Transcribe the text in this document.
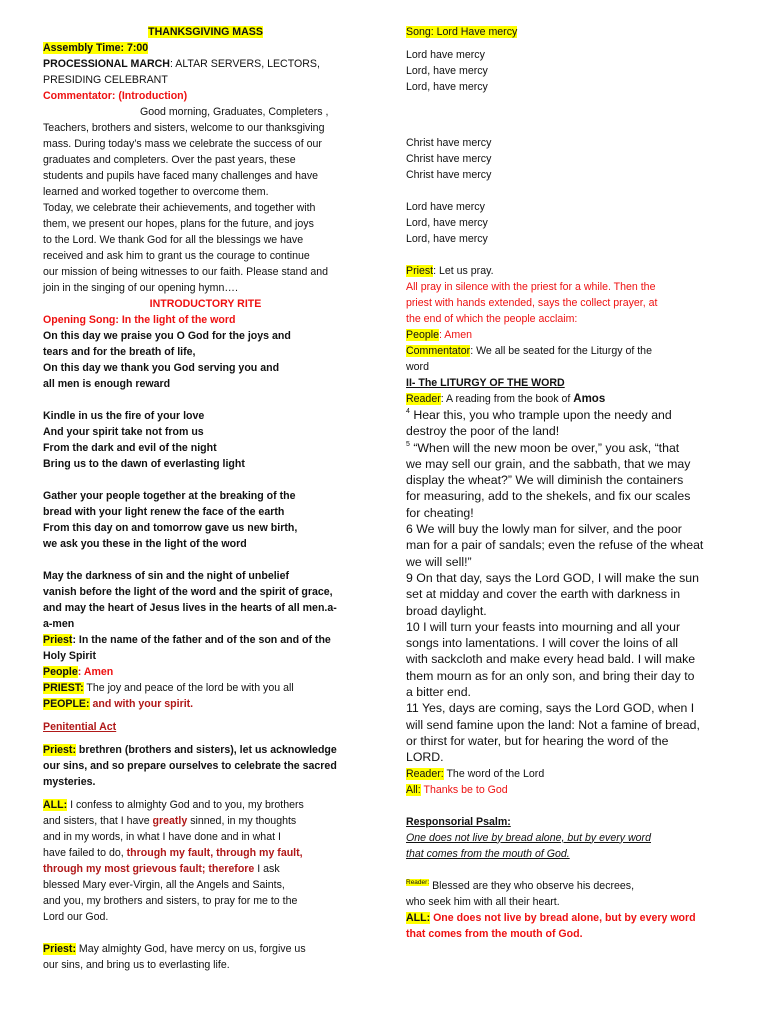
THANKSGIVING MASS
Assembly Time: 7:00
PROCESSIONAL MARCH: ALTAR SERVERS, LECTORS,
PRESIDING CELEBRANT
Commentator: (Introduction)
Good morning, Graduates, Completers ,
Teachers, brothers and sisters, welcome to our thanksgiving
mass. During today’s mass we celebrate the success of our
graduates and completers. Over the past years, these
students and pupils have faced many challenges and have
learned and worked together to overcome them.
Today, we celebrate their achievements, and together with
them, we present our hopes, plans for the future, and joys
to the Lord. We thank God for all the blessings we have
received and ask him to grant us the courage to continue
our mission of being witnesses to our faith. Please stand and
join in the singing of our opening hymn….
INTRODUCTORY RITE
Opening Song: In the light of the word
On this day we praise you O God for the joys and
tears and for the breath of life,
On this day we thank you God serving you and
all men is enough reward
Kindle in us the fire of your love
And your spirit take not from us
From the dark and evil of the night
Bring us to the dawn of everlasting light
Gather your people together at the breaking of the
bread with your light renew the face of the earth
From this day on and tomorrow gave us new birth,
we ask you these in the light of the word
May the darkness of sin and the night of unbelief
vanish before the light of the word and the spirit of grace,
and may the heart of Jesus lives in the hearts of all men.a-
a-men
Priest: In the name of the father and of the son and of the
Holy Spirit
People: Amen
PRIEST: The joy and peace of the lord be with you all
PEOPLE: and with your spirit.
Penitential Act
Priest: brethren (brothers and sisters), let us acknowledge
our sins, and so prepare ourselves to celebrate the sacred
mysteries.
ALL: I confess to almighty God and to you, my brothers
and sisters, that I have greatly sinned, in my thoughts
and in my words, in what I have done and in what I
have failed to do, through my fault, through my fault,
through my most grievous fault; therefore I ask
blessed Mary ever-Virgin, all the Angels and Saints,
and you, my brothers and sisters, to pray for me to the
Lord our God.
Priest: May almighty God, have mercy on us, forgive us
our sins, and bring us to everlasting life.
Song: Lord Have mercy
Lord have mercy
Lord, have mercy
Lord, have mercy
Christ have mercy
Christ have mercy
Christ have mercy
Lord have mercy
Lord, have mercy
Lord, have mercy
Priest: Let us pray.
All pray in silence with the priest for a while. Then the
priest with hands extended, says the collect prayer, at
the end of which the people acclaim:
People: Amen
Commentator: We all be seated for the Liturgy of the
word
II- The LITURGY OF THE WORD
Reader: A reading from the book of Amos
$^4$ Hear this, you who trample upon the needy and
destroy the poor of the land!
$^5$ “When will the new moon be over,” you ask, “that
we may sell our grain, and the sabbath, that we may
display the wheat?” We will diminish the containers
for measuring, add to the shekels, and fix our scales
for cheating!
6 We will buy the lowly man for silver, and the poor
man for a pair of sandals; even the refuse of the wheat
we will sell!”
9 On that day, says the Lord GOD, I will make the sun
set at midday and cover the earth with darkness in
broad daylight.
10 I will turn your feasts into mourning and all your
songs into lamentations. I will cover the loins of all
with sackcloth and make every head bald. I will make
them mourn as for an only son, and bring their day to
a bitter end.
11 Yes, days are coming, says the Lord GOD, when I
will send famine upon the land: Not a famine of bread,
or thirst for water, but for hearing the word of the
LORD.
Reader: The word of the Lord
All: Thanks be to God
Responsorial Psalm:
One does not live by bread alone, but by every word
that comes from the mouth of God.
$^{Reader:}$ Blessed are they who observe his decrees,
who seek him with all their heart.
ALL: One does not live by bread alone, but by every word
that comes from the mouth of God.
